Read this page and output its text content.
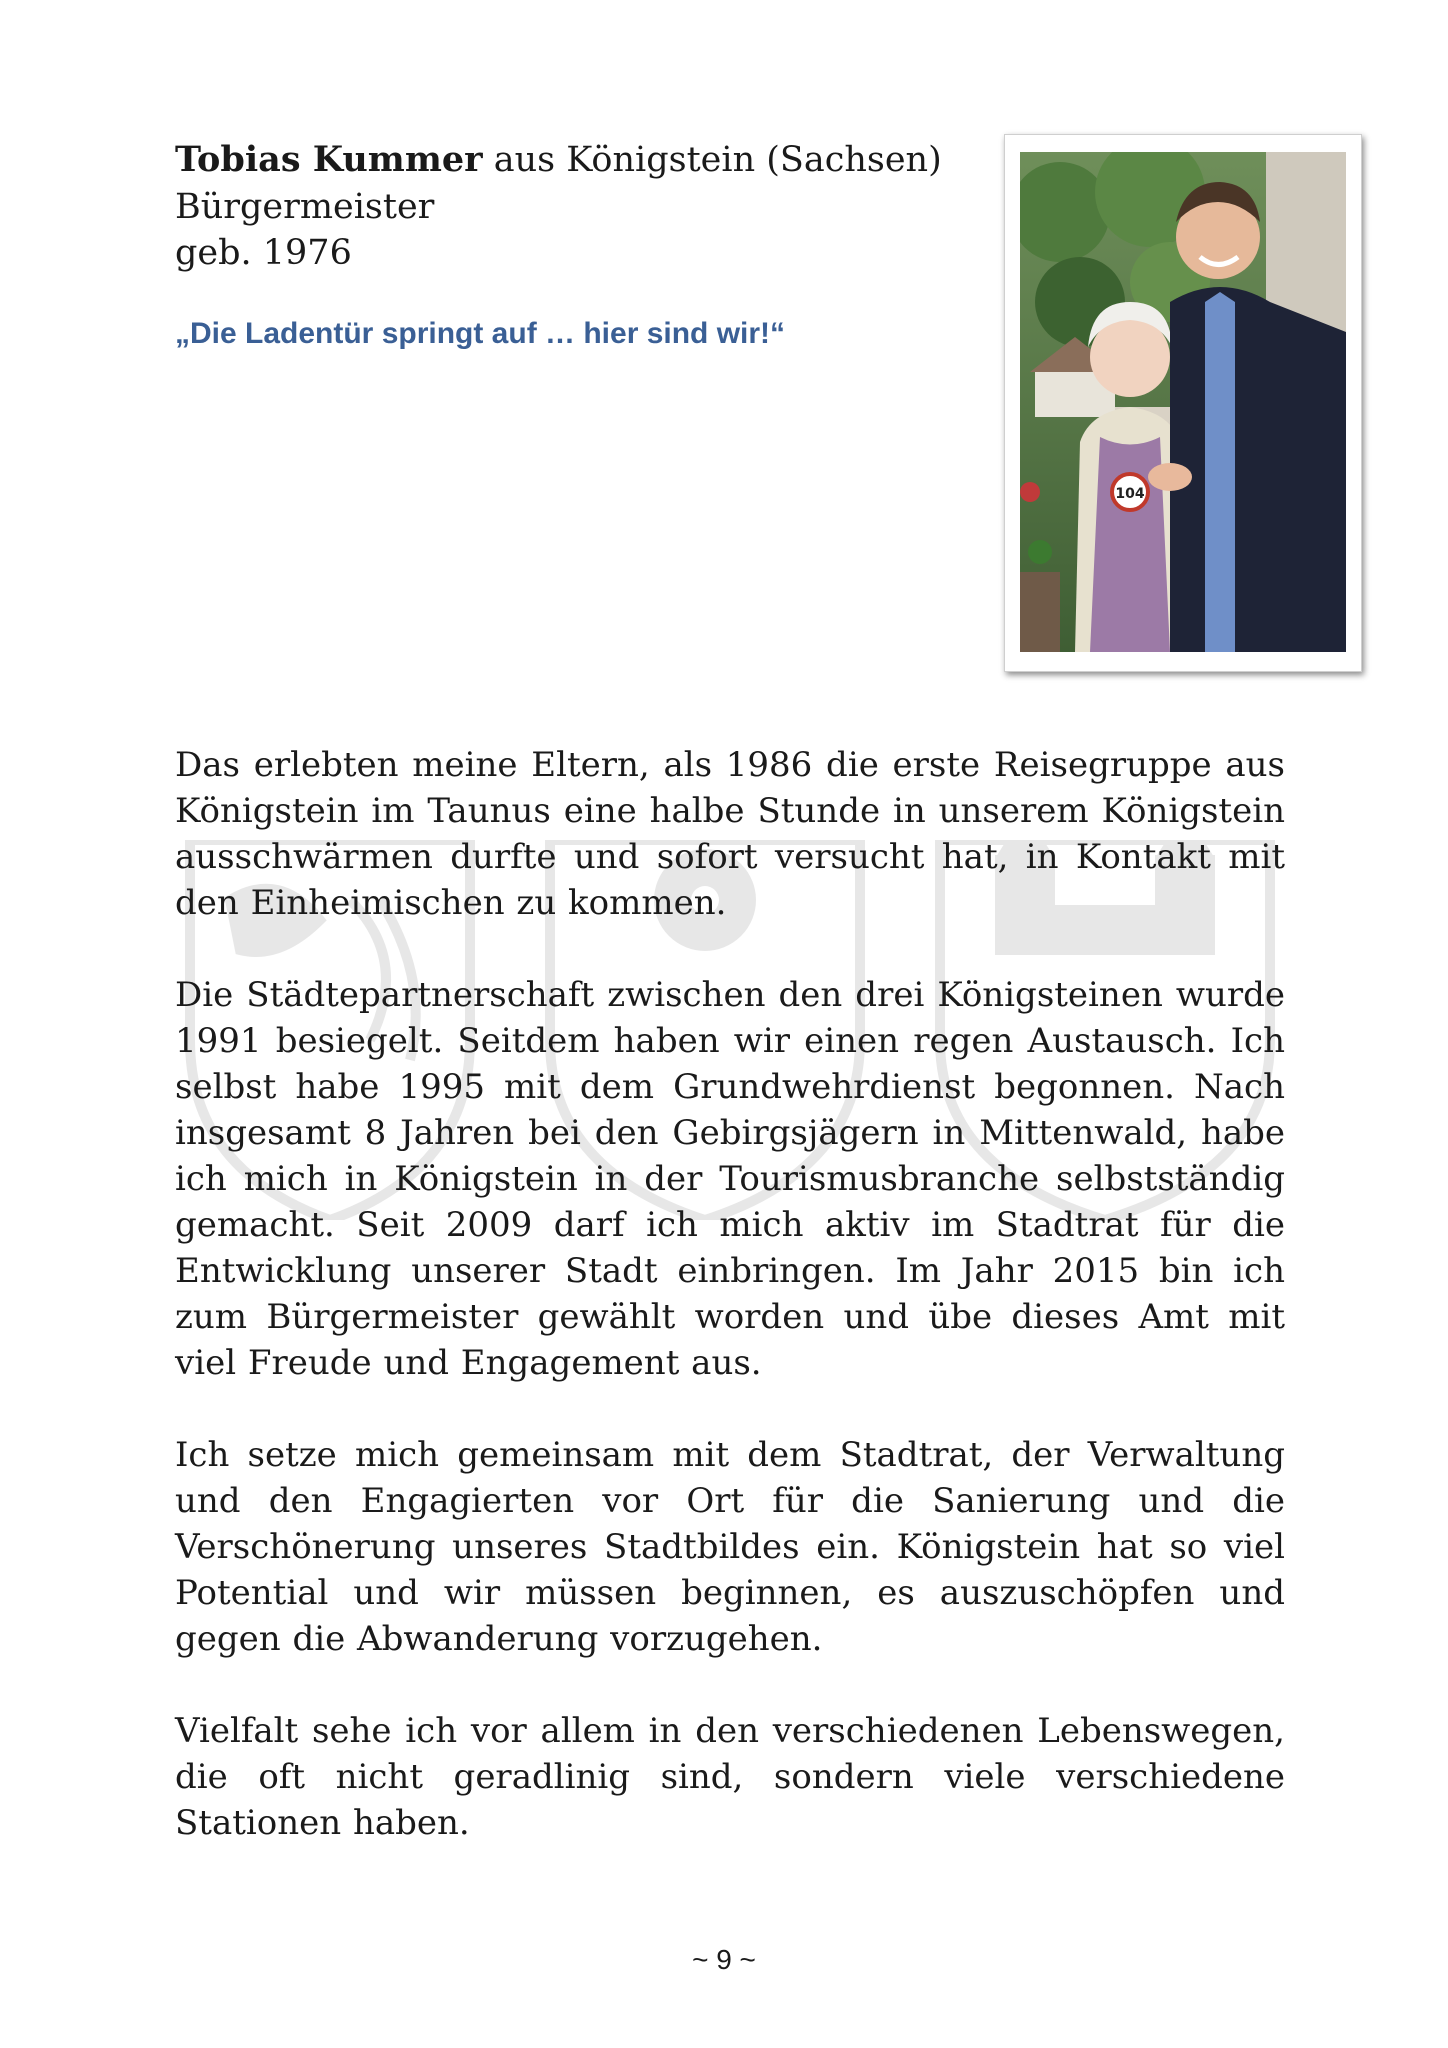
Tobias Kummer aus Königstein (Sachsen)

Bürgermeister

geb. 1976

„Die Ladentür springt auf … hier sind wir!“

104

Das erlebten meine Eltern, als 1986 die erste Reisegruppe aus Königstein im Taunus eine halbe Stunde in unserem Königstein ausschwärmen durfte und sofort versucht hat, in Kontakt mit den Einheimischen zu kommen.

Die Städtepartnerschaft zwischen den drei Königsteinen wurde 1991 besiegelt. Seitdem haben wir einen regen Austausch. Ich selbst habe 1995 mit dem Grundwehrdienst begonnen. Nach insgesamt 8 Jahren bei den Gebirgsjägern in Mittenwald, habe ich mich in Königstein in der Tourismusbranche selbstständig gemacht. Seit 2009 darf ich mich aktiv im Stadtrat für die Entwicklung unserer Stadt einbringen. Im Jahr 2015 bin ich zum Bürgermeister gewählt worden und übe dieses Amt mit viel Freude und Engagement aus.

Ich setze mich gemeinsam mit dem Stadtrat, der Verwaltung und den Engagierten vor Ort für die Sanierung und die Verschönerung unseres Stadtbildes ein. Königstein hat so viel Potential und wir müssen beginnen, es auszuschöpfen und gegen die Abwanderung vorzugehen.

Vielfalt sehe ich vor allem in den verschiedenen Lebenswegen, die oft nicht geradlinig sind, sondern viele verschiedene Stationen haben.

~ 9 ~
